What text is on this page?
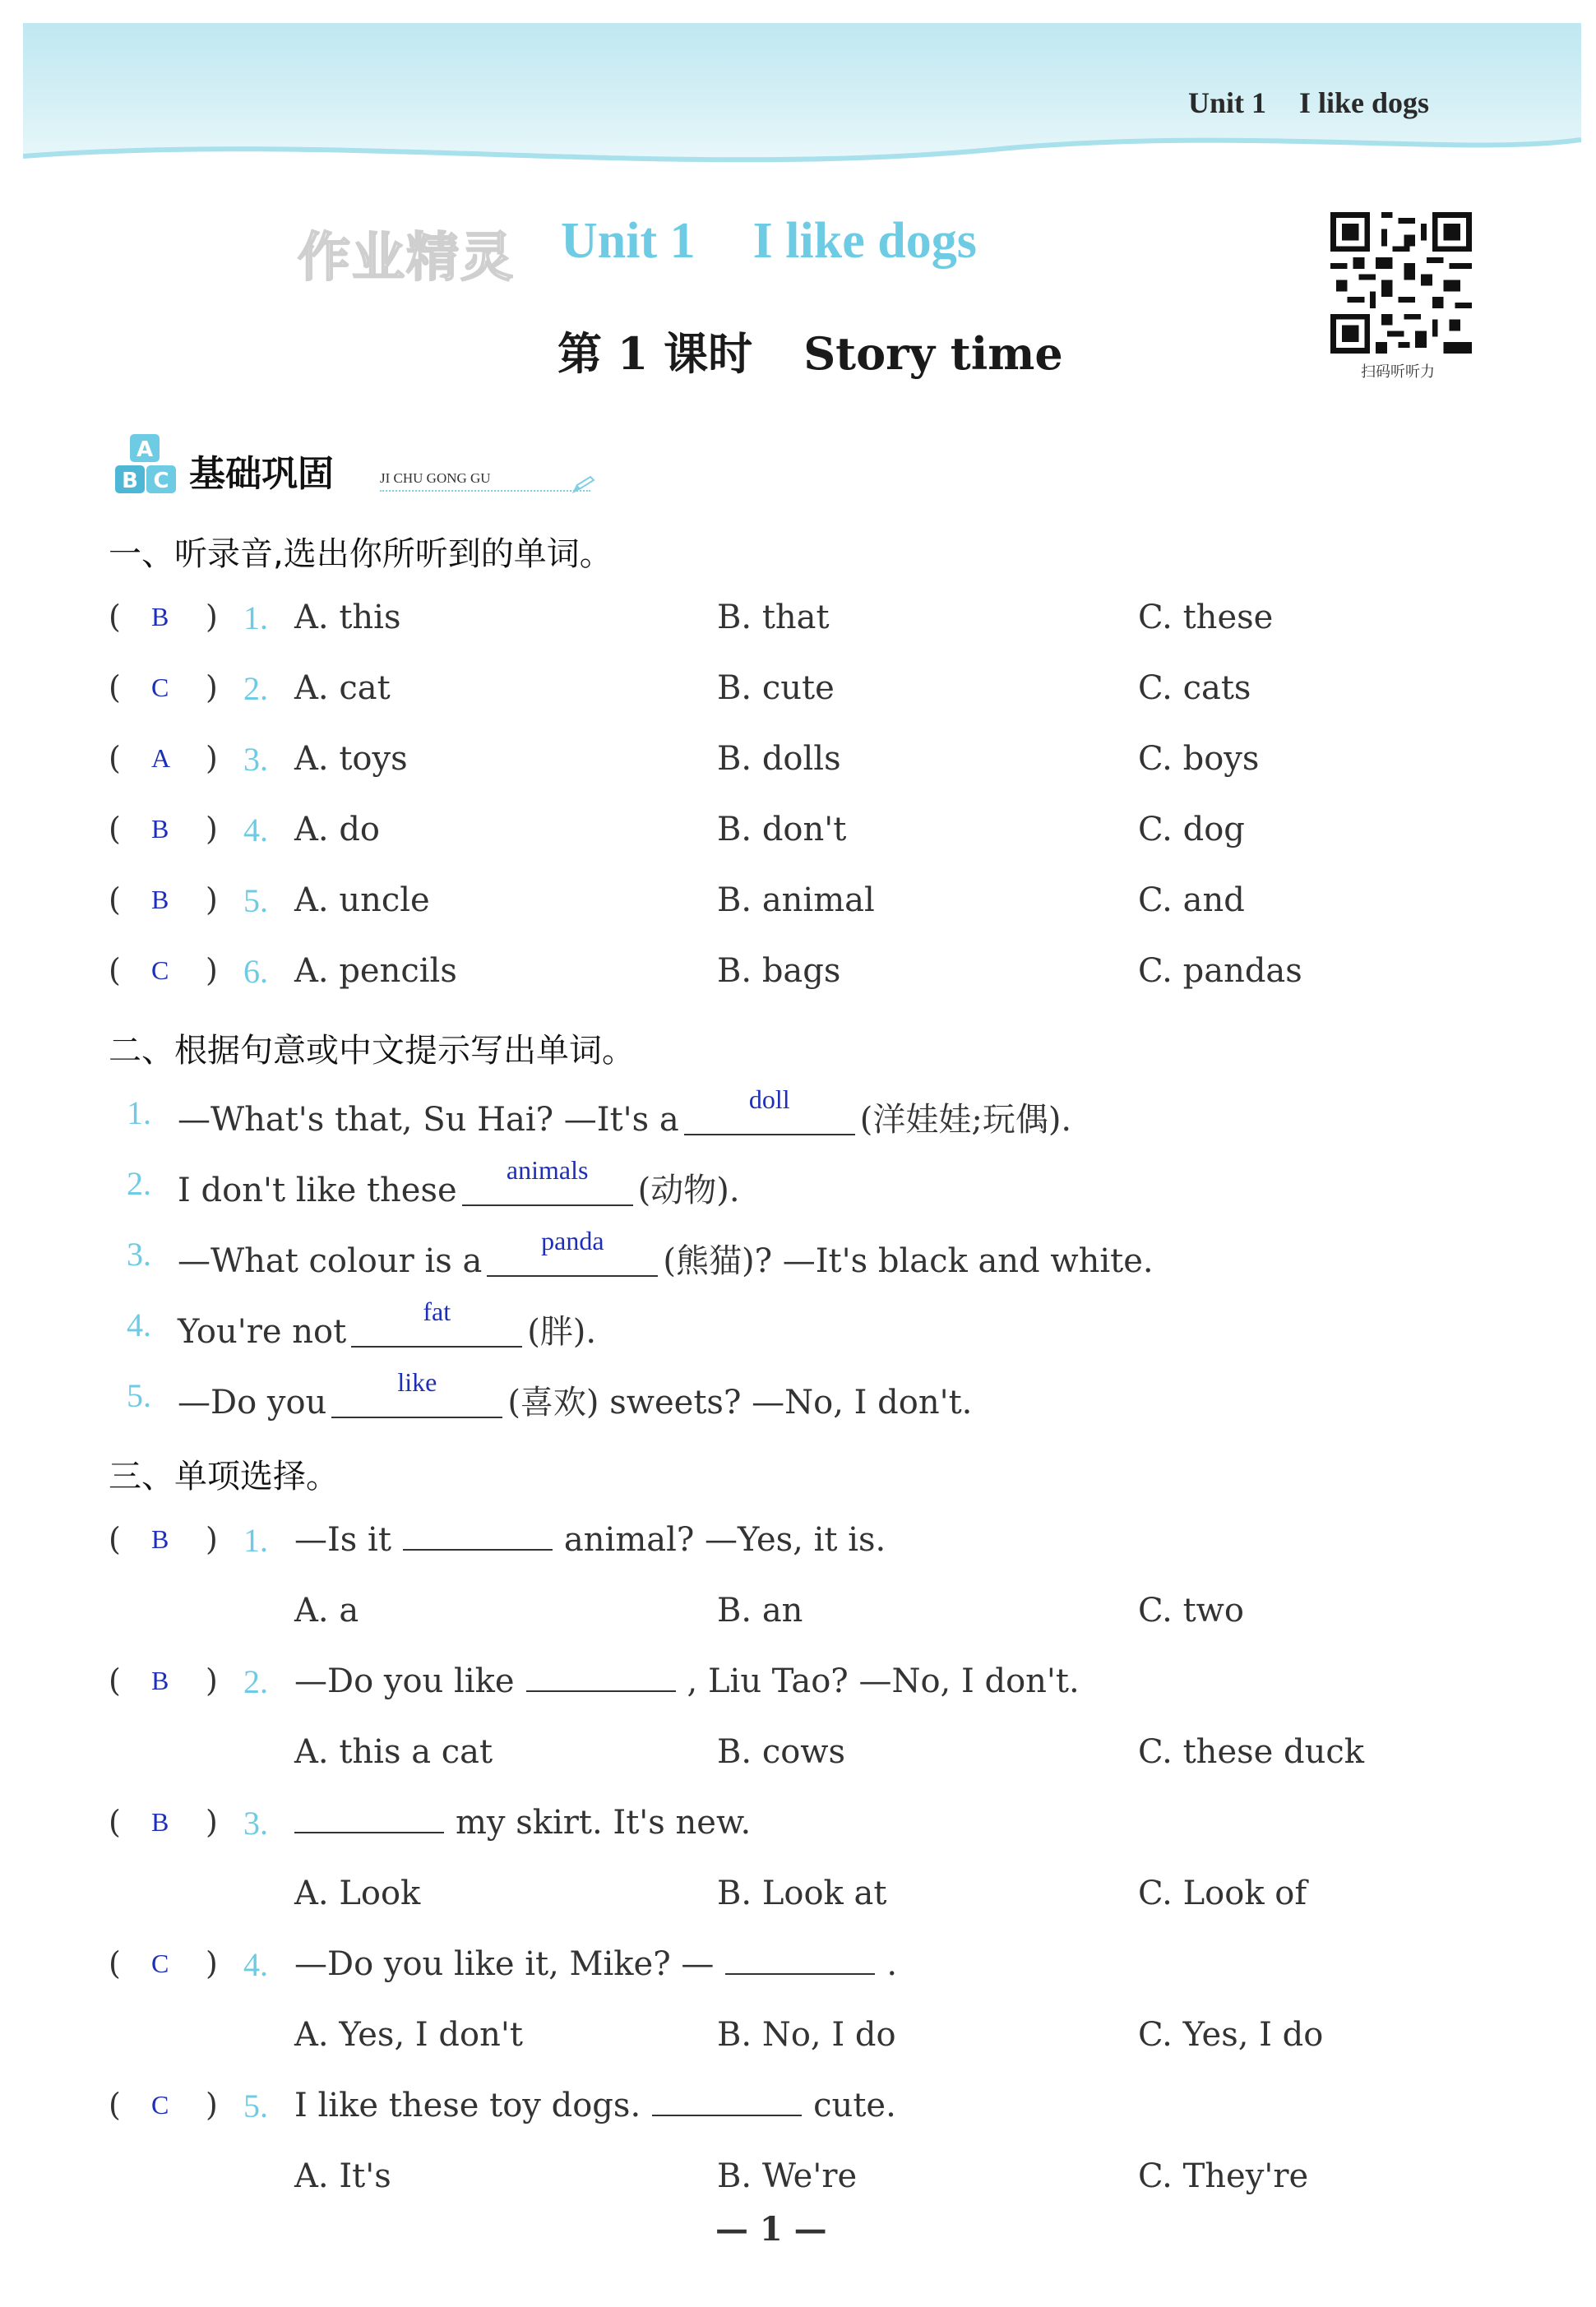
Unit 1 I like dogs
作业精灵 Unit 1 I like dogs
第 1 课时 Story time	扫码听听力
A
B C 基础巩固	JI CHU GONG GU
一、听录音,选出你所听到的单词。
( B ) 1. A. this	B. that	C. these
( C ) 2. A. cat	B. cute	C. cats
( A ) 3. A. toys	B. dolls	C. boys
( B ) 4. A. do	B. don't	C. dog
( B ) 5. A. uncle	B. animal	C. and
( C ) 6. A. pencils	B. bags	C. pandas
二、根据句意或中文提示写出单词。
1. —What's that, Su Hai? —It's a
doll
(洋娃娃;玩偶).
2. I don't like these
animals
(动物).
3. —What colour is a
panda
(熊猫)? —It's black and white.
4. You're not
fat
(胖).
5. —Do you
like
(喜欢) sweets? —No, I don't.
三、单项选择。
( B ) 1. —Is it	animal? —Yes, it is.
A. a	B. an	C. two
( B ) 2. —Do you like	, Liu Tao? —No, I don't.
A. this a cat	B. cows	C. these duck
( B ) 3.	my skirt. It's new.
A. Look	B. Look at	C. Look of
( C ) 4. —Do you like it, Mike? —	.
A. Yes, I don't	B. No, I do	C. Yes, I do
( C ) 5. I like these toy dogs.	cute.
A. It's	B. We're	C. They're
— 1 —
